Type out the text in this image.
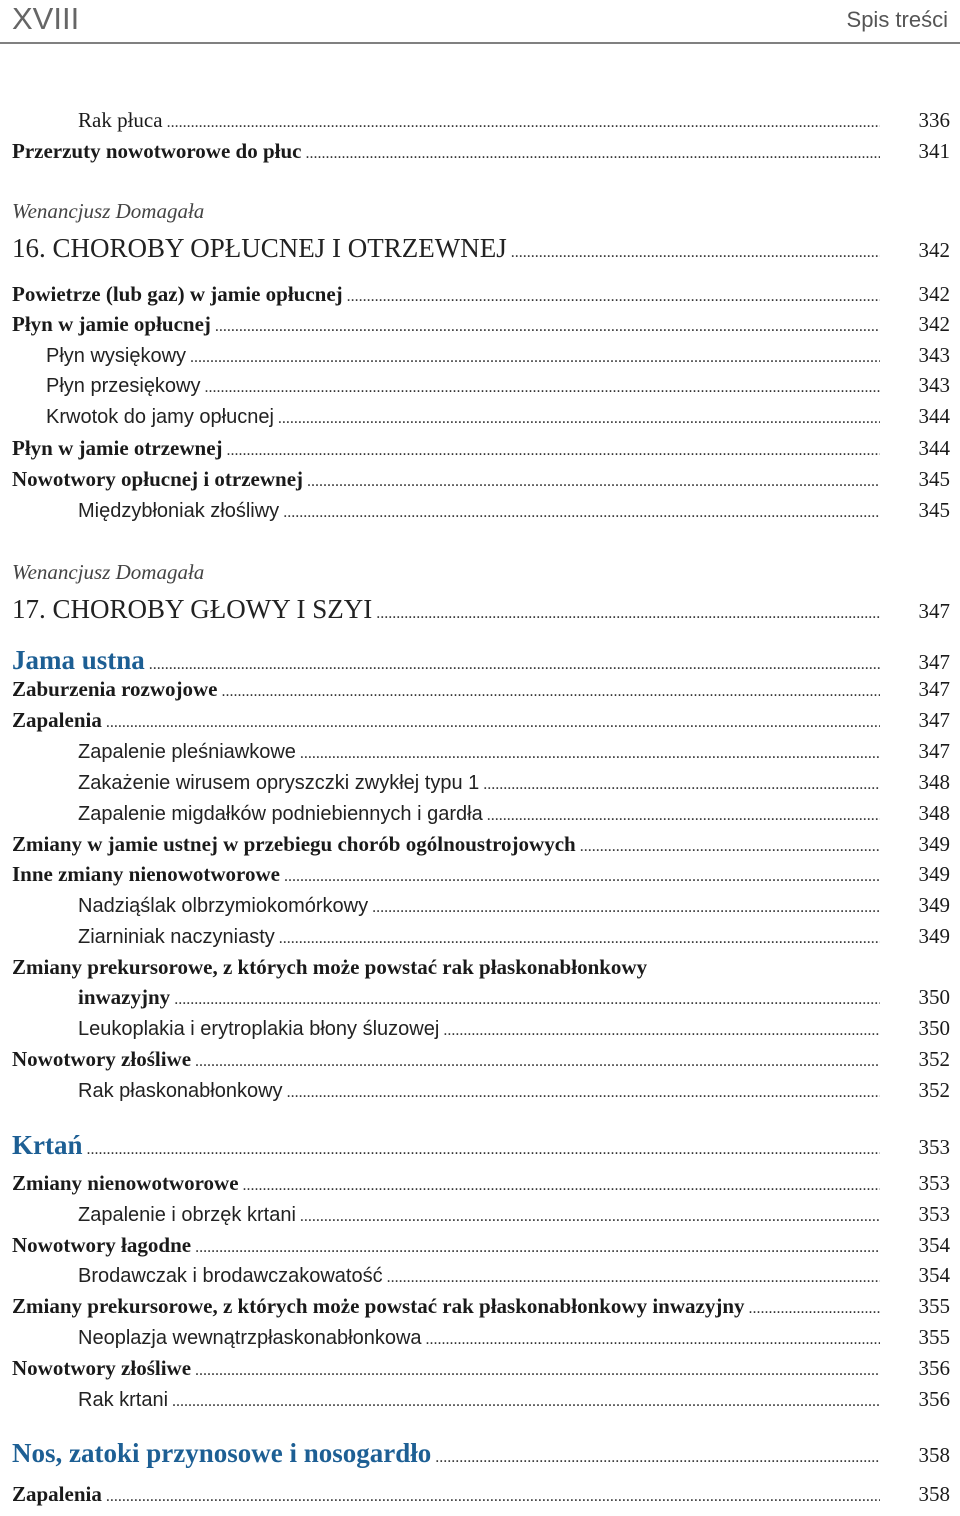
XVIII	Spis treści
Rak płuca .....	336
Przerzuty nowotworowe do płuc .....	341
Wenancjusz Domagała
16. CHOROBY OPŁUCNEJ I OTRZEWNEJ .....	342
Powietrze (lub gaz) w jamie opłucnej .....	342
Płyn w jamie opłucnej .....	342
Płyn wysiękowy .....	343
Płyn przesiękowy .....	343
Krwotok do jamy opłucnej .....	344
Płyn w jamie otrzewnej .....	344
Nowotwory opłucnej i otrzewnej .....	345
Międzybłoniak złośliwy .....	345
Wenancjusz Domagała
17. CHOROBY GŁOWY I SZYI .....	347
Jama ustna .....	347
Zaburzenia rozwojowe .....	347
Zapalenia .....	347
Zapalenie pleśniawkowe .....	347
Zakażenie wirusem opryszczki zwykłej typu 1 .....	348
Zapalenie migdałków podniebiennych i gardła .....	348
Zmiany w jamie ustnej w przebiegu chorób ogólnoustrojowych .....	349
Inne zmiany nienowotworowe .....	349
Nadziąślak olbrzymiokomórkowy .....	349
Ziarniniak naczyniasty .....	349
Zmiany prekursorowe, z których może powstać rak płaskonabłonkowy
inwazyjny .....	350
Leukoplakia i erytroplakia błony śluzowej .....	350
Nowotwory złośliwe .....	352
Rak płaskonabłonkowy .....	352
Krtań .....	353
Zmiany nienowotworowe .....	353
Zapalenie i obrzęk krtani .....	353
Nowotwory łagodne .....	354
Brodawczak i brodawczakowatość .....	354
Zmiany prekursorowe, z których może powstać rak płaskonabłonkowy inwazyjny .....	355
Neoplazja wewnątrzpłaskonabłonkowa .....	355
Nowotwory złośliwe .....	356
Rak krtani .....	356
Nos, zatoki przynosowe i nosogardło .....	358
Zapalenia .....	358
